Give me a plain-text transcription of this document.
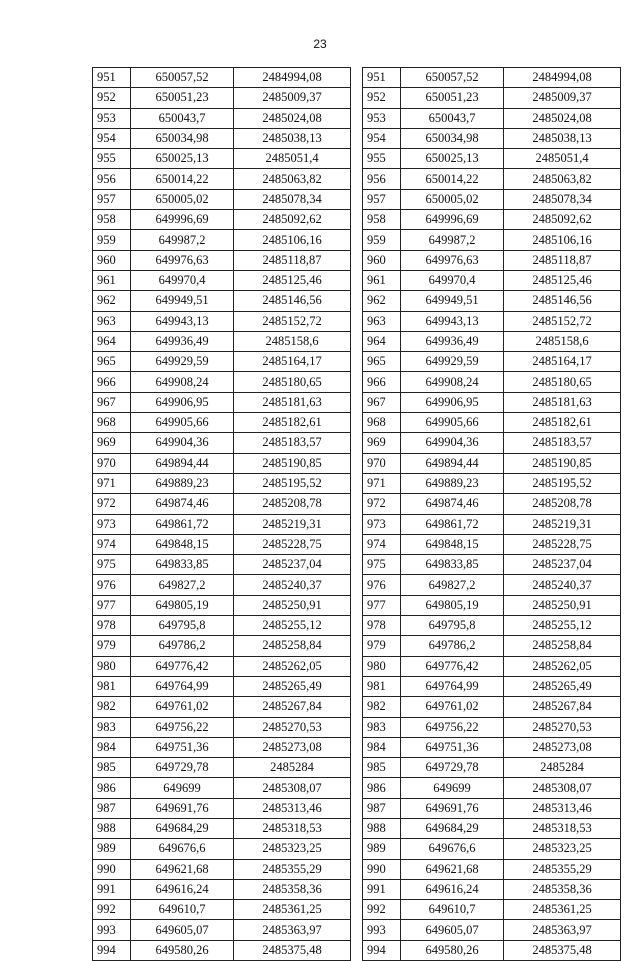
23
951	650057,52	2484994,08
952	650051,23	2485009,37
953	650043,7	2485024,08
954	650034,98	2485038,13
955	650025,13	2485051,4
956	650014,22	2485063,82
957	650005,02	2485078,34
958	649996,69	2485092,62
959	649987,2	2485106,16
960	649976,63	2485118,87
961	649970,4	2485125,46
962	649949,51	2485146,56
963	649943,13	2485152,72
964	649936,49	2485158,6
965	649929,59	2485164,17
966	649908,24	2485180,65
967	649906,95	2485181,63
968	649905,66	2485182,61
969	649904,36	2485183,57
970	649894,44	2485190,85
971	649889,23	2485195,52
972	649874,46	2485208,78
973	649861,72	2485219,31
974	649848,15	2485228,75
975	649833,85	2485237,04
976	649827,2	2485240,37
977	649805,19	2485250,91
978	649795,8	2485255,12
979	649786,2	2485258,84
980	649776,42	2485262,05
981	649764,99	2485265,49
982	649761,02	2485267,84
983	649756,22	2485270,53
984	649751,36	2485273,08
985	649729,78	2485284
986	649699	2485308,07
987	649691,76	2485313,46
988	649684,29	2485318,53
989	649676,6	2485323,25
990	649621,68	2485355,29
991	649616,24	2485358,36
992	649610,7	2485361,25
993	649605,07	2485363,97
994	649580,26	2485375,48
951	650057,52	2484994,08
952	650051,23	2485009,37
953	650043,7	2485024,08
954	650034,98	2485038,13
955	650025,13	2485051,4
956	650014,22	2485063,82
957	650005,02	2485078,34
958	649996,69	2485092,62
959	649987,2	2485106,16
960	649976,63	2485118,87
961	649970,4	2485125,46
962	649949,51	2485146,56
963	649943,13	2485152,72
964	649936,49	2485158,6
965	649929,59	2485164,17
966	649908,24	2485180,65
967	649906,95	2485181,63
968	649905,66	2485182,61
969	649904,36	2485183,57
970	649894,44	2485190,85
971	649889,23	2485195,52
972	649874,46	2485208,78
973	649861,72	2485219,31
974	649848,15	2485228,75
975	649833,85	2485237,04
976	649827,2	2485240,37
977	649805,19	2485250,91
978	649795,8	2485255,12
979	649786,2	2485258,84
980	649776,42	2485262,05
981	649764,99	2485265,49
982	649761,02	2485267,84
983	649756,22	2485270,53
984	649751,36	2485273,08
985	649729,78	2485284
986	649699	2485308,07
987	649691,76	2485313,46
988	649684,29	2485318,53
989	649676,6	2485323,25
990	649621,68	2485355,29
991	649616,24	2485358,36
992	649610,7	2485361,25
993	649605,07	2485363,97
994	649580,26	2485375,48
